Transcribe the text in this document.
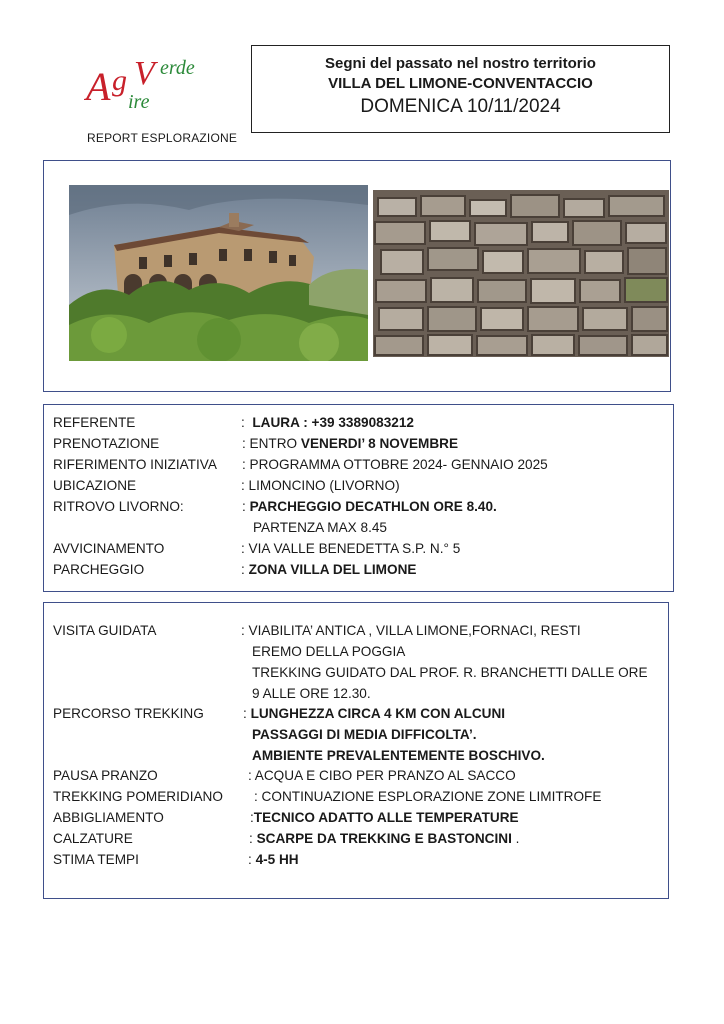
A g V erde
ire
REPORT ESPLORAZIONE
Segni del passato nel nostro territorio
VILLA DEL LIMONE-CONVENTACCIO
DOMENICA 10/11/2024
REFERENTE	: LAURA : +39 3389083212
PRENOTAZIONE	: ENTRO VENERDI’ 8 NOVEMBRE
RIFERIMENTO INIZIATIVA : PROGRAMMA OTTOBRE 2024- GENNAIO 2025
UBICAZIONE	: LIMONCINO (LIVORNO)
RITROVO LIVORNO:	: PARCHEGGIO DECATHLON ORE 8.40.
PARTENZA MAX 8.45
AVVICINAMENTO	: VIA VALLE BENEDETTA S.P. N.° 5
PARCHEGGIO	: ZONA VILLA DEL LIMONE
VISITA GUIDATA	: VIABILITA’ ANTICA , VILLA LIMONE,FORNACI, RESTI
EREMO DELLA POGGIA
TREKKING GUIDATO DAL PROF. R. BRANCHETTI DALLE ORE
9 ALLE ORE 12.30.
PERCORSO TREKKING	: LUNGHEZZA CIRCA 4 KM CON ALCUNI
PASSAGGI DI MEDIA DIFFICOLTA’.
AMBIENTE PREVALENTEMENTE BOSCHIVO.
PAUSA PRANZO	: ACQUA E CIBO PER PRANZO AL SACCO
TREKKING POMERIDIANO : CONTINUAZIONE ESPLORAZIONE ZONE LIMITROFE
ABBIGLIAMENTO	:TECNICO ADATTO ALLE TEMPERATURE
CALZATURE	: SCARPE DA TREKKING E BASTONCINI .
STIMA TEMPI	: 4-5 HH
